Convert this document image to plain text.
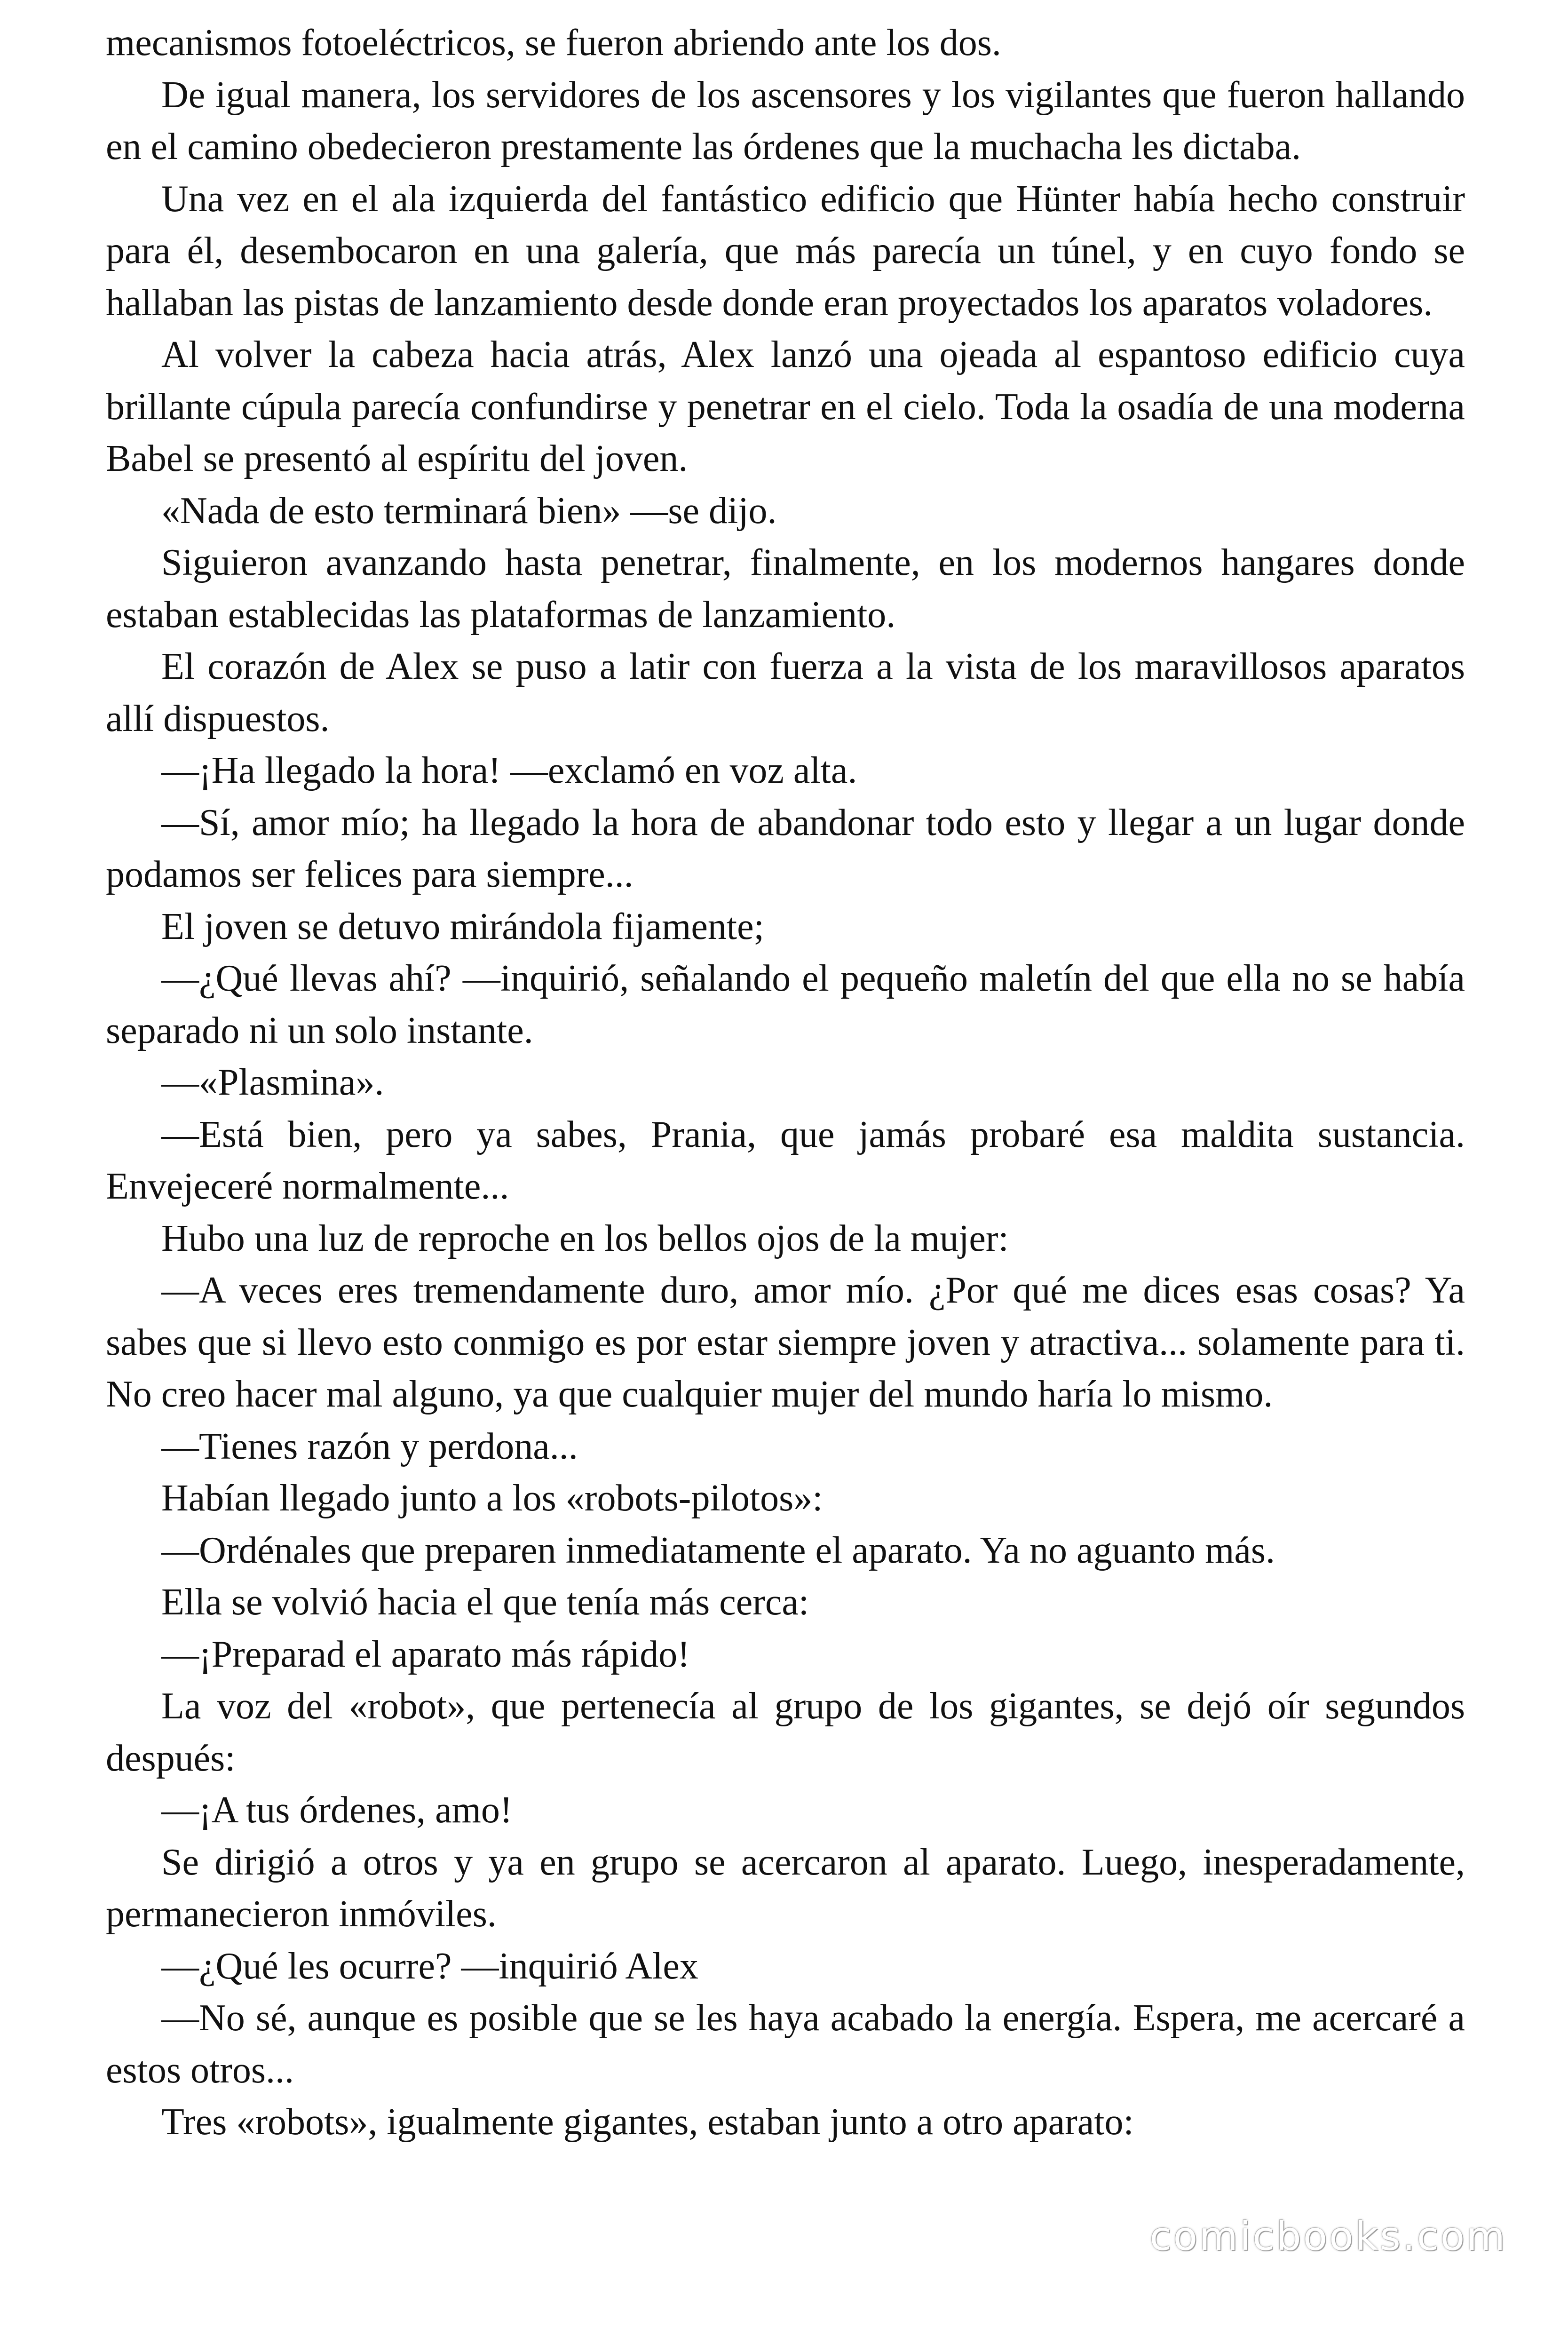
mecanismos fotoeléctricos, se fueron abriendo ante los dos.

De igual manera, los servidores de los ascensores y los vigilantes que fueron hallando en el camino obedecieron prestamente las órdenes que la muchacha les dictaba.

Una vez en el ala izquierda del fantástico edificio que Hünter había hecho construir para él, desembocaron en una galería, que más parecía un túnel, y en cuyo fondo se hallaban las pistas de lanzamiento desde donde eran proyectados los aparatos voladores.

Al volver la cabeza hacia atrás, Alex lanzó una ojeada al espantoso edificio cuya brillante cúpula parecía confundirse y penetrar en el cielo. Toda la osadía de una moderna Babel se presentó al espíritu del joven.

«Nada de esto terminará bien» —se dijo.

Siguieron avanzando hasta penetrar, finalmente, en los modernos hangares donde estaban establecidas las plataformas de lanzamiento.

El corazón de Alex se puso a latir con fuerza a la vista de los maravillosos aparatos allí dispuestos.

—¡Ha llegado la hora! —exclamó en voz alta.

—Sí, amor mío; ha llegado la hora de abandonar todo esto y llegar a un lugar donde podamos ser felices para siempre...

El joven se detuvo mirándola fijamente;

—¿Qué llevas ahí? —inquirió, señalando el pequeño maletín del que ella no se había separado ni un solo instante.

—«Plasmina».

—Está bien, pero ya sabes, Prania, que jamás probaré esa maldita sustancia. Envejeceré normalmente...

Hubo una luz de reproche en los bellos ojos de la mujer:

—A veces eres tremendamente duro, amor mío. ¿Por qué me dices esas cosas? Ya sabes que si llevo esto conmigo es por estar siempre joven y atractiva... solamente para ti. No creo hacer mal alguno, ya que cualquier mujer del mundo haría lo mismo.

—Tienes razón y perdona...

Habían llegado junto a los «robots-pilotos»:

—Ordénales que preparen inmediatamente el aparato. Ya no aguanto más.

Ella se volvió hacia el que tenía más cerca:

—¡Preparad el aparato más rápido!

La voz del «robot», que pertenecía al grupo de los gigantes, se dejó oír segundos después:

—¡A tus órdenes, amo!

Se dirigió a otros y ya en grupo se acercaron al aparato. Luego, inesperadamente, permanecieron inmóviles.

—¿Qué les ocurre? —inquirió Alex

—No sé, aunque es posible que se les haya acabado la energía. Espera, me acercaré a estos otros...

Tres «robots», igualmente gigantes, estaban junto a otro aparato:

comicbooks.com
